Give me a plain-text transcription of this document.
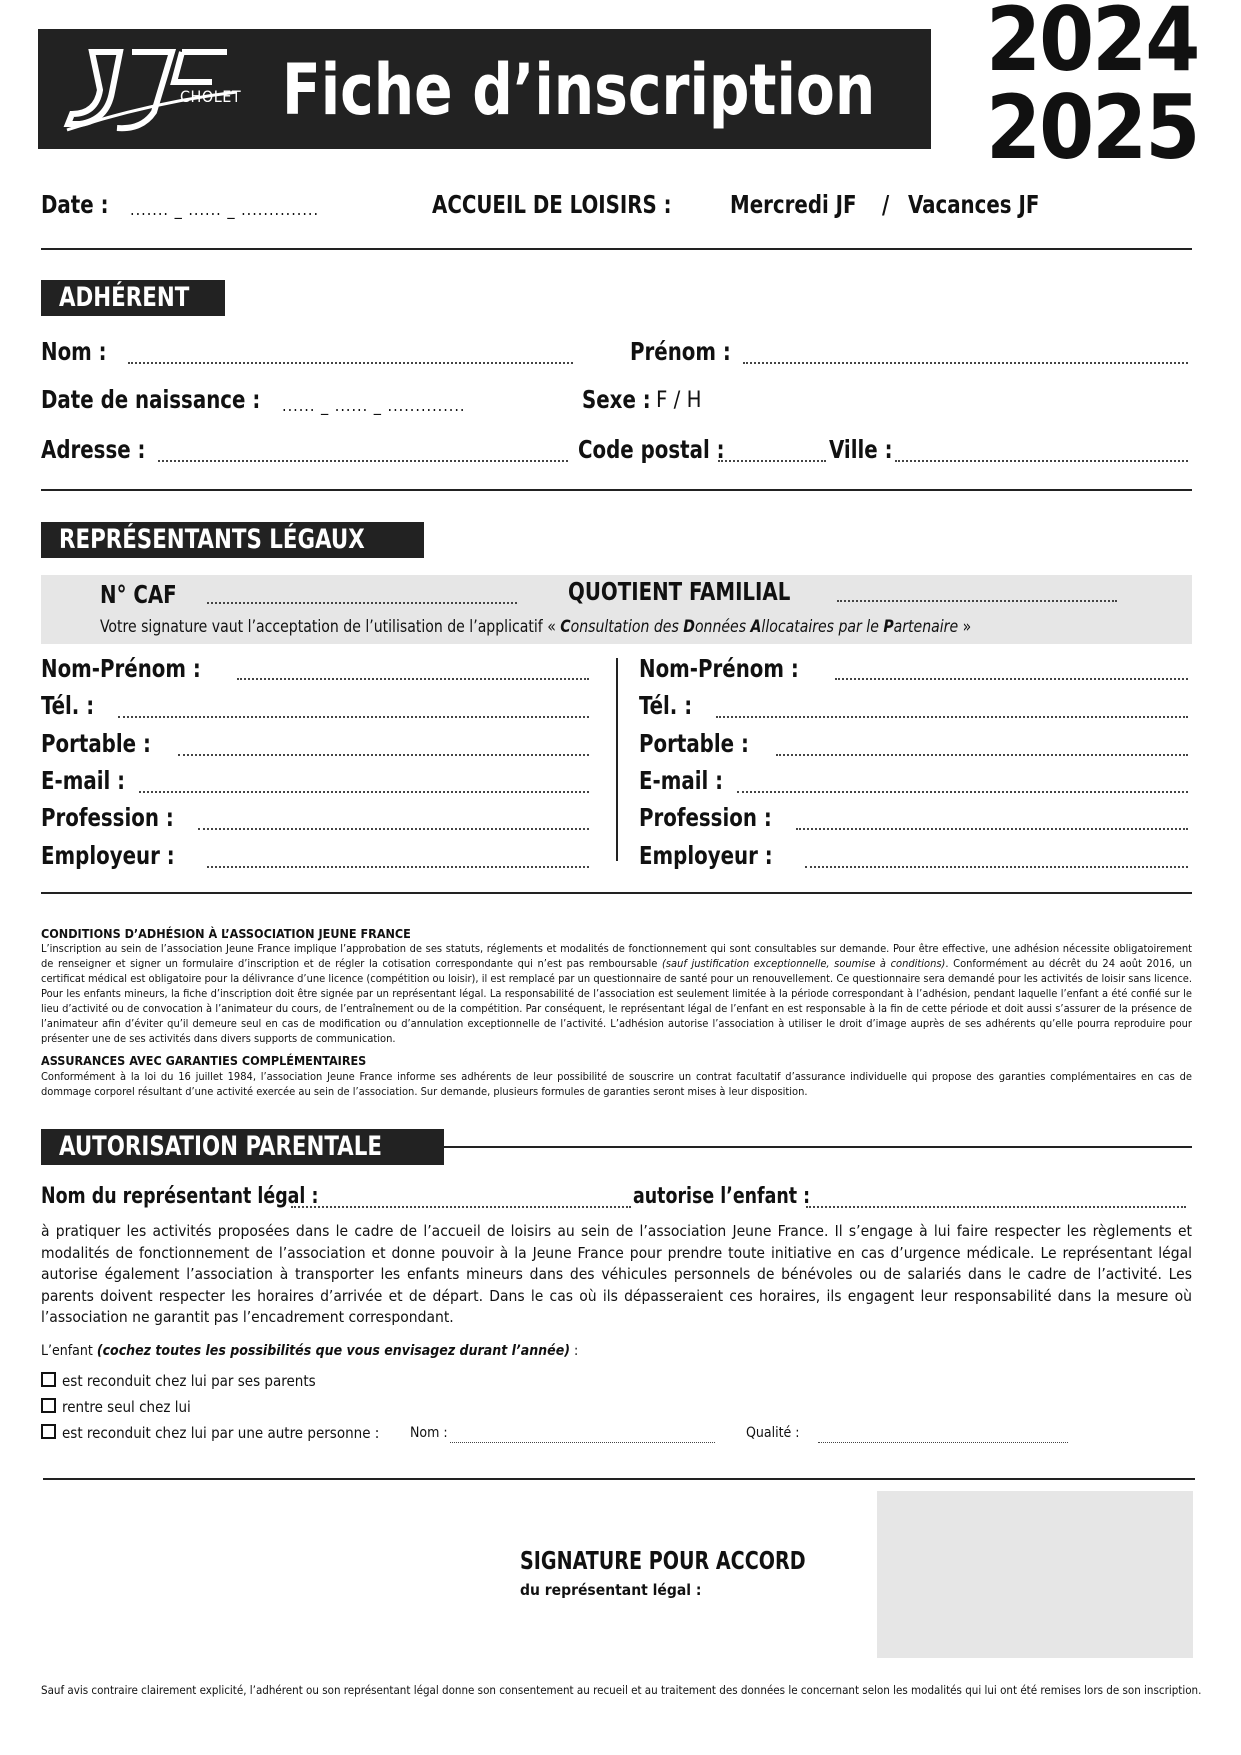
CHOLET Fiche d’inscription 2024
2025
Date : ....... _ ...... _ ..............	ACCUEIL DE LOISIRS : Mercredi JF / Vacances JF
ADHÉRENT
Nom :	Prénom :
Date de naissance : ...... _ ...... _ ..............	Sexe : F / H
Adresse :	Code postal :	Ville :
REPRÉSENTANTS LÉGAUX
N° CAF	QUOTIENT FAMILIAL
Votre signature vaut l’acceptation de l’utilisation de l’applicatif « Consultation des Données Allocataires par le Partenaire »
Nom-Prénom :
Tél. :
Portable :
E-mail :
Profession :
Employeur :
Nom-Prénom :
Tél. :
Portable :
E-mail :
Profession :
Employeur :
CONDITIONS D’ADHÉSION À L’ASSOCIATION JEUNE FRANCE
L’inscription au sein de l’association Jeune France implique l’approbation de ses statuts, réglements et modalités de fonctionnement qui sont consultables sur demande. Pour être effective, une adhésion nécessite obligatoirement de renseigner et signer un formulaire d’inscription et de régler la cotisation correspondante qui n’est pas remboursable (sauf justification exceptionnelle, soumise à conditions). Conformément au décrêt du 24 août 2016, un certificat médical est obligatoire pour la délivrance d’une licence (compétition ou loisir), il est remplacé par un questionnaire de santé pour un renouvellement. Ce questionnaire sera demandé pour les activités de loisir sans licence. Pour les enfants mineurs, la fiche d’inscription doit être signée par un représentant légal. La responsabilité de l’association est seulement limitée à la période correspondant à l’adhésion, pendant laquelle l’enfant a été confié sur le lieu d’activité ou de convocation à l’animateur du cours, de l’entraînement ou de la compétition. Par conséquent, le représentant légal de l’enfant en est responsable à la fin de cette période et doit aussi s’assurer de la présence de l’animateur afin d’éviter qu’il demeure seul en cas de modification ou d’annulation exceptionnelle de l’activité. L’adhésion autorise l’association à utiliser le droit d’image auprès de ses adhérents qu’elle pourra reproduire pour présenter une de ses activités dans divers supports de communication.
ASSURANCES AVEC GARANTIES COMPLÉMENTAIRES
Conformément à la loi du 16 juillet 1984, l’association Jeune France informe ses adhérents de leur possibilité de souscrire un contrat facultatif d’assurance individuelle qui propose des garanties complémentaires en cas de dommage corporel résultant d’une activité exercée au sein de l’association. Sur demande, plusieurs formules de garanties seront mises à leur disposition.
AUTORISATION PARENTALE
Nom du représentant légal :	autorise l’enfant :
à pratiquer les activités proposées dans le cadre de l’accueil de loisirs au sein de l’association Jeune France. Il s’engage à lui faire respecter les règlements et modalités de fonctionnement de l’association et donne pouvoir à la Jeune France pour prendre toute initiative en cas d’urgence médicale. Le représentant légal autorise également l’association à transporter les enfants mineurs dans des véhicules personnels de bénévoles ou de salariés dans le cadre de l’activité. Les parents doivent respecter les horaires d’arrivée et de départ. Dans le cas où ils dépasseraient ces horaires, ils engagent leur responsabilité dans la mesure où l’association ne garantit pas l’encadrement correspondant.
L’enfant (cochez toutes les possibilités que vous envisagez durant l’année) :
est reconduit chez lui par ses parents
rentre seul chez lui
est reconduit chez lui par une autre personne : Nom :	Qualité :
SIGNATURE POUR ACCORD
du représentant légal :
Sauf avis contraire clairement explicité, l’adhérent ou son représentant légal donne son consentement au recueil et au traitement des données le concernant selon les modalités qui lui ont été remises lors de son inscription.
